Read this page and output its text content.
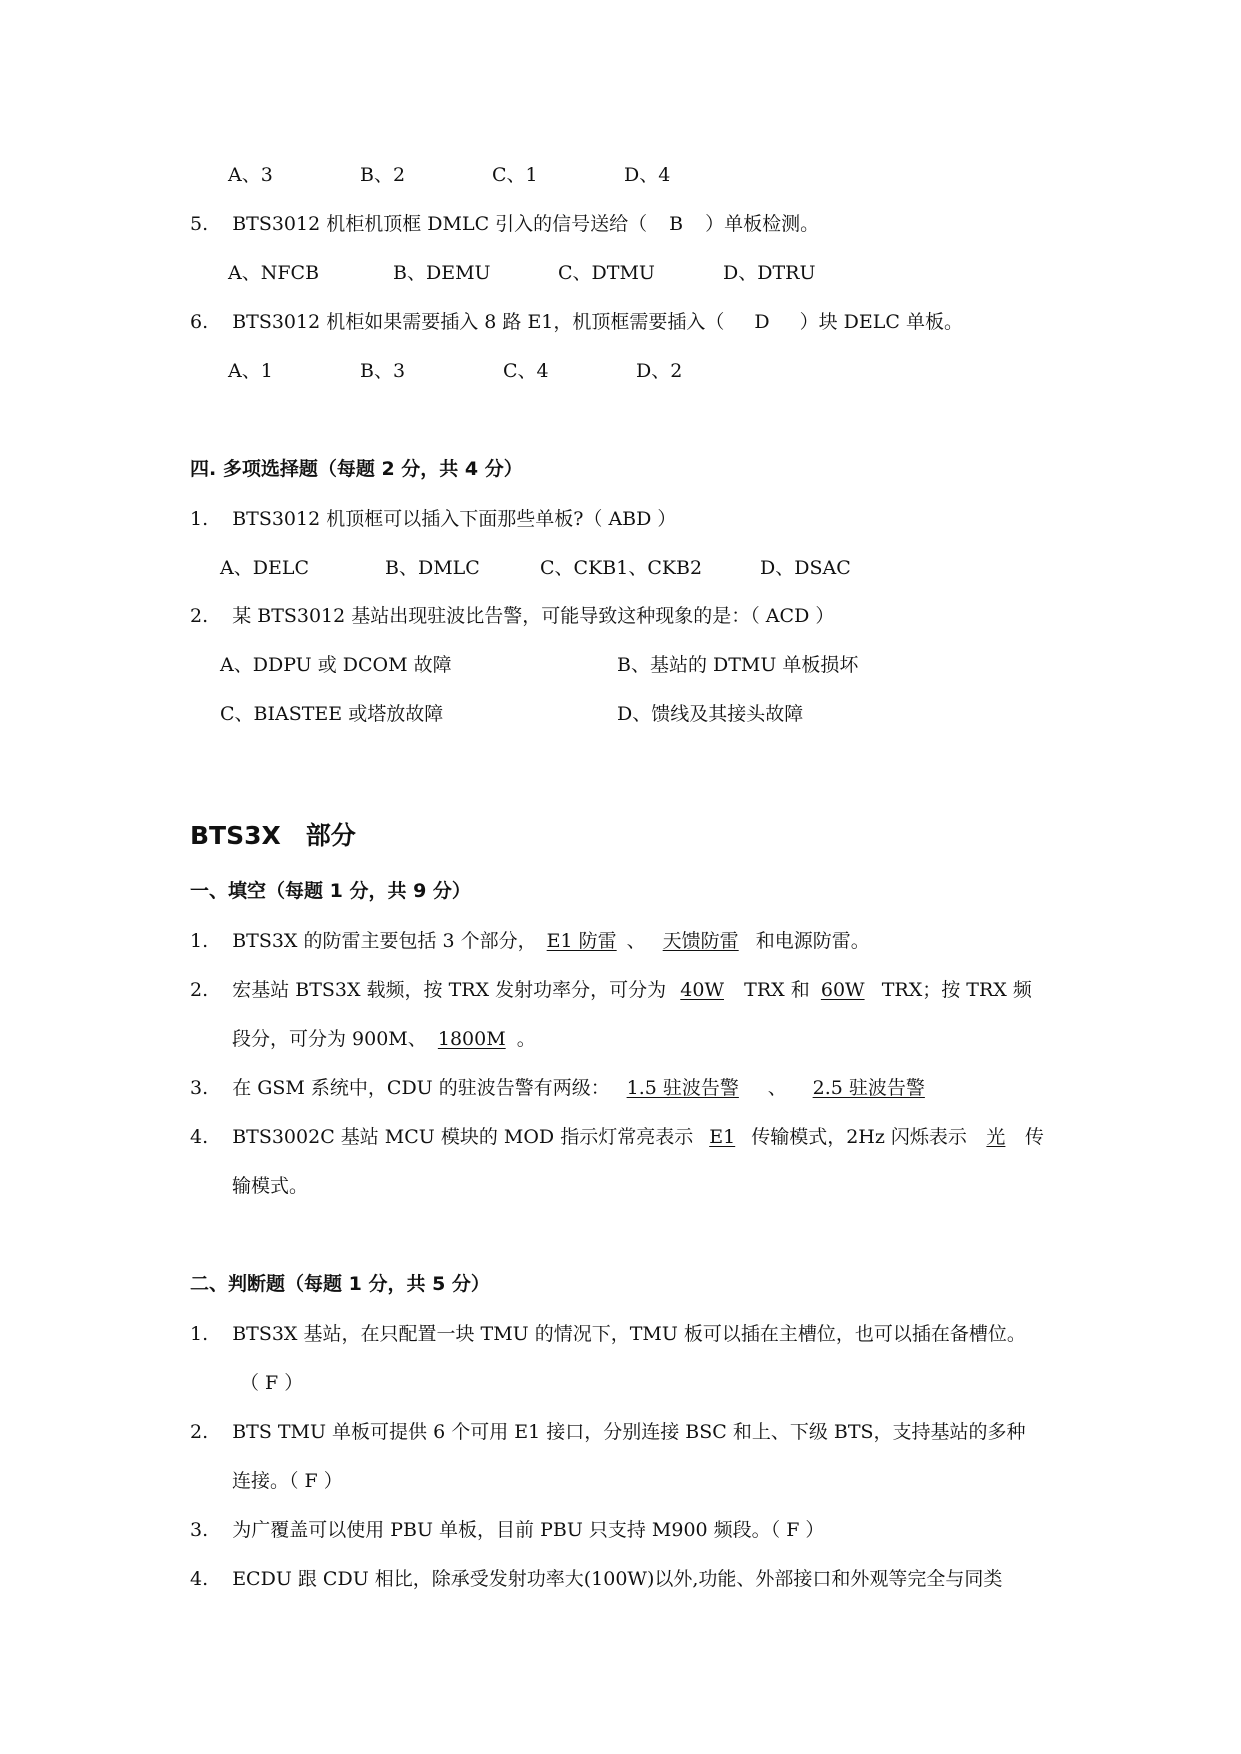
A、3	B、2	C、1	D、4
5. BTS3012 机柜机顶框 DMLC 引入的信号送给（ B ）单板检测。
A、NFCB	B、DEMU	C、DTMU	D、DTRU
6. BTS3012 机柜如果需要插入 8 路 E1，机顶框需要插入（ D ）块 DELC 单板。
A、1	B、3	C、4	D、2
四. 多项选择题（每题 2 分，共 4 分）
1. BTS3012 机顶框可以插入下面那些单板?（ ABD ）
A、DELC	B、DMLC	C、CKB1、CKB2	D、DSAC
2. 某 BTS3012 基站出现驻波比告警，可能导致这种现象的是：（ ACD ）
A、DDPU 或 DCOM 故障	B、基站的 DTMU 单板损坏
C、BIASTEE 或塔放故障	D、馈线及其接头故障
BTS3X　部分
一、填空（每题 1 分，共 9 分）
1. BTS3X 的防雷主要包括 3 个部分， E1 防雷 、 天馈防雷 和电源防雷。
2. 宏基站 BTS3X 载频，按 TRX 发射功率分，可分为 40W TRX 和 60W TRX；按 TRX 频
段分，可分为 900M、 1800M 。
3. 在 GSM 系统中，CDU 的驻波告警有两级： 1.5 驻波告警 、 2.5 驻波告警
4. BTS3002C 基站 MCU 模块的 MOD 指示灯常亮表示 E1 传输模式，2Hz 闪烁表示 光 传
输模式。
二、判断题（每题 1 分，共 5 分）
1. BTS3X 基站，在只配置一块 TMU 的情况下，TMU 板可以插在主槽位，也可以插在备槽位。
（ F ）
2. BTS TMU 单板可提供 6 个可用 E1 接口，分别连接 BSC 和上、下级 BTS，支持基站的多种
连接。（ F ）
3. 为广覆盖可以使用 PBU 单板，目前 PBU 只支持 M900 频段。（ F ）
4. ECDU 跟 CDU 相比，除承受发射功率大(100W)以外,功能、外部接口和外观等完全与同类
